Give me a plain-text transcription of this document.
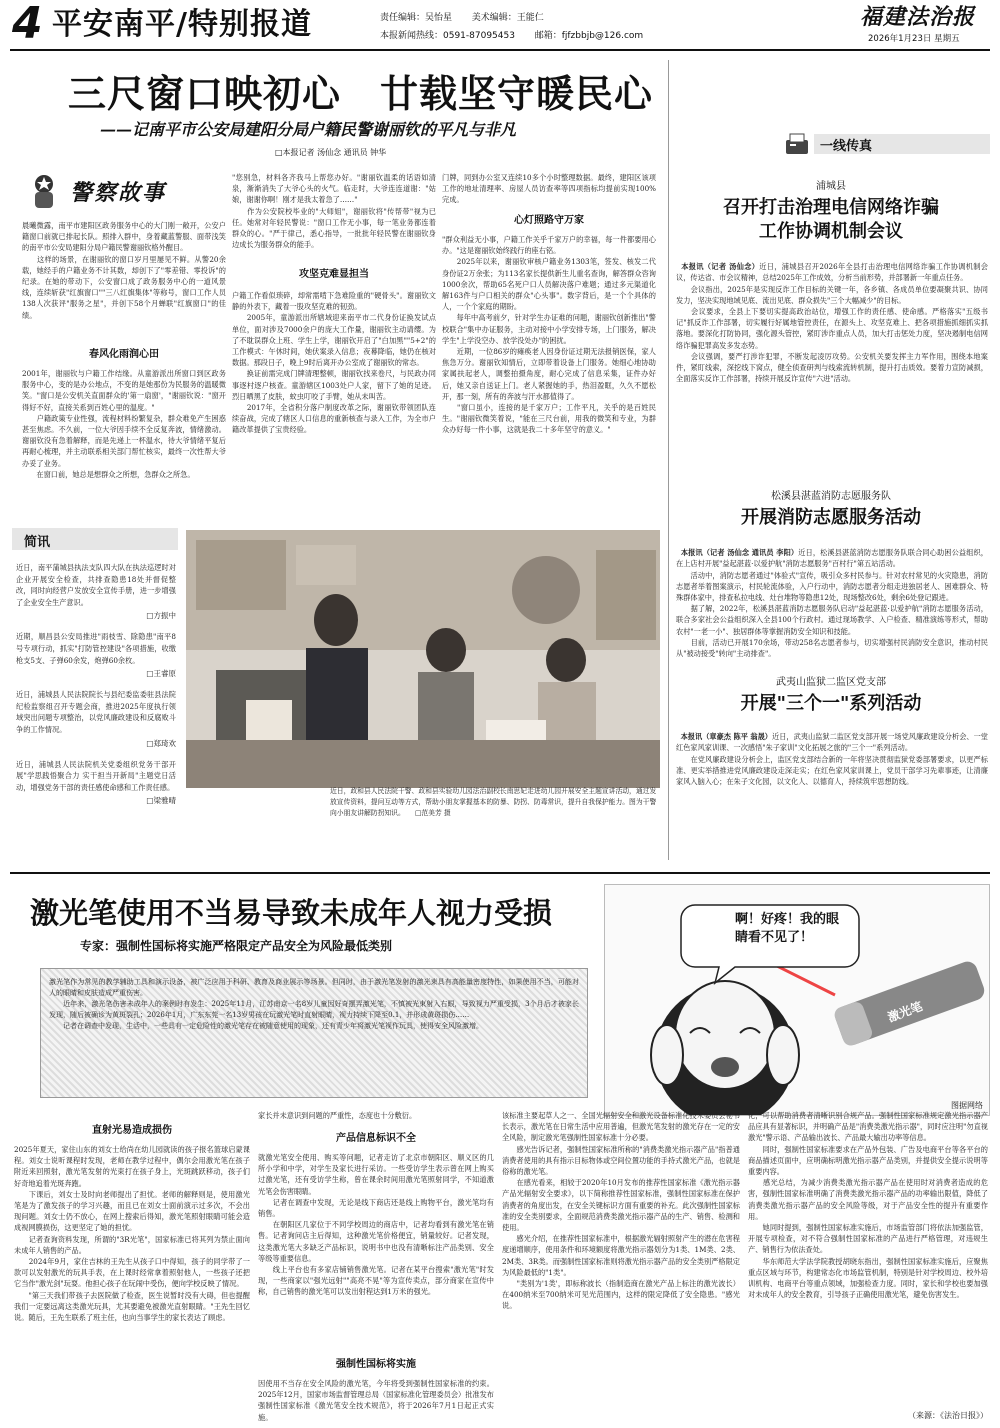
4 平安南平/特别报道	责任编辑：吴怡星 美术编辑：王能仁
本报新闻热线：0591-87095453 邮箱：fjfzbbjb@126.com
福建法治报
2026年1月23日 星期五
三尺窗口映初心　廿载坚守暖民心
——记南平市公安局建阳分局户籍民警谢丽钦的平凡与非凡
□本报记者 汤仙念 通讯员 钟华
警察故事
晨曦微露，南平市建阳区政务服务中心的大门刚一敞开，公安户籍窗口前就已排起长队。照排入群中，身着藏蓝警服、面带浅笑的南平市公安局建阳分局户籍民警谢丽钦格外醒目。
　　这样的场景，在谢丽钦的窗口岁月里屡见不鲜。从警20余载，她经手的户籍业务不计其数，却创下了"零差错、零投诉"的纪录。在她的带动下，公安窗口成了政务服务中心的一道风景线，连续斩获"红旗窗口""三八红旗集体"等称号，窗口工作人员138人次获评"服务之星"，并创下58个月蝉联"红旗窗口"的佳绩。
春风化雨润心田
2001年，谢丽钦与户籍工作结缘。从童游派出所窗口到区政务服务中心，变的是办公地点，不变的是她那份为民服务的温暖微笑。"窗口是公安机关直面群众的'第一扇窗'，"谢丽钦说："窗开得好不好，直接关系到百姓心里的温度。"
　　户籍政策专业性强，流程材料纷繁复杂，群众难免产生困惑甚至焦虑。不久前，一位大爷因手续不全反复奔波，情绪激动。谢丽钦没有急着解释，而是先递上一杯温水，待大爷情绪平复后再耐心梳理，并主动联系相关部门帮忙核实，最终一次性帮大爷办妥了业务。
　　在窗口前，她总是想群众之所想，急群众之所急。
"您别急，材料各齐我马上帮您办好。"谢丽钦温柔的话语如清泉，渐渐消失了大爷心头的火气。临走时，大爷连连道谢："姑娘，谢谢你啊！刚才是我太着急了……"
　　作为公安院校毕业的"大师姐"，谢丽钦将"传帮带"视为已任。她常对年轻民警说："窗口工作无小事，每一笔业务都连着群众的心。"严于律己，悉心指导，一批批年轻民警在谢丽钦身边成长为服务群众的能手。
攻坚克难显担当
户籍工作看似琐碎，却常需啃下急难险重的"硬骨头"。谢丽钦文静的外表下，藏着一股攻坚克难的韧劲。
　　2005年，童游派出所辖域迎来南平市二代身份证换发试点单位，面对涉及7000余户的庞大工作量，谢丽钦主动请缨。为了不耽误群众上班、学生上学，谢丽钦开启了"白加黑""5+2"的工作模式：午休时间，她伏案录入信息；夜幕降临，她仍在核对数据。那段日子，晚上9时后离开办公室成了谢丽钦的常态。
　　换证前需完成门牌清理整顿，谢丽钦找来卷尺，与民政办同事逐村逐户核查。童游辖区1003处户人家，留下了她的足迹。烈日晒黑了皮肤，蚊虫叮咬了手臂，她从未叫苦。
　　2017年，全省积分落户制度改革之际，谢丽钦带领团队连续奋战，完成了辖区人口信息的重新核查与录入工作，为全市户籍改革提供了宝贵经验。
门牌，同到办公室又连续10多个小时整理数据。最终，建阳区该项工作的地址清理率、房屋人员访查率等四项指标均提前实现100%完成。
心灯照路守万家
"群众利益无小事，户籍工作关乎千家万户的幸福，每一件都要用心办。"这是谢丽钦始终践行的座右铭。
　　2025年以来，谢丽钦审核户籍业务1303笔，签发、核发二代身份证2万余张；为113名家长提供新生儿重名查询，解答群众咨询1000余次，帮助65名死户口人员解决落户难题；通过多元渠道化解163件与户口相关的群众"心头事"。数字背后，是一个个具体的人，一个个家庭的期盼。
　　每年中高考前夕，针对学生办证难的问题，谢丽钦创新推出"警校联合"集中办证服务，主动对接中小学安排专场，上门服务，解决学生"上学没空办、放学没处办"的困扰。
　　近期，一位86岁的瘫痪老人因身份证过期无法报销医保，家人焦急万分。谢丽钦知情后，立即带着设备上门服务。她细心地协助家属扶起老人，调整拍摄角度，耐心完成了信息采集，证件办好后，她又亲自送证上门。老人紧握她的手，热泪盈眶，久久不愿松开，那一刻，所有的奔波与汗水都值得了。
　　"窗口虽小，连接的是千家万户；工作平凡，关乎的是百姓民生。"谢丽钦微笑着说，"能在三尺台前，用我的微笑和专业，为群众办好每一件小事，这就是我二十多年坚守的意义。"
简讯
近日，南平蒲城县执法支队四大队在执法巡逻时对企业开展安全检查，共排查隐患18处并督促整改，同时向经营户发放安全宣传手册，进一步增强了企业安全生产意识。
□方振中
近期，顺昌县公安局推进"雨枝雪、除隐患"南平8号专项行动，抓实"打防管控建设"各项措施，收缴枪支5支、子弹60余发，炮弹60余枚。
□王睿原
近日，浦城县人民法院院长与县纪委监委驻县法院纪检监察组召开专题会商，推进2025年度执行领域突出问题专项整治，以党风廉政建设和反腐败斗争的工作情况。
□郑琦欢
近日，浦城县人民法院机关党委组织党务干部开展"学思践悟聚合力 实干担当开新局"主题党日活动，增强党务干部的责任感使命感和工作责任感。
□梁雅晴
近日，政和县人民法院干警、政和县实验幼儿园法治副校长南思妃走进幼儿园开展安全主题宣讲活动，通过发放宣传资料，提问互动等方式，帮助小朋友掌握基本的防暴、防拐、防毒常识，提升自我保护能力。图为干警向小朋友讲解防拐知识。 □范美芳 摄
一线传真
浦城县
召开打击治理电信网络诈骗
工作协调机制会议

本报讯（记者 汤仙念）近日，浦城县召开2026年全县打击治理电信网络诈骗工作协调机制会议，传达省、市会议精神，总结2025年工作成效，分析当前形势，并部署新一年重点任务。
　　会议指出，2025年是实现反诈工作目标的关键一年，各乡镇、各成员单位要凝聚共识、协同发力，坚决实现地域见底、流出见底、群众损失"三个大幅减少"的目标。
　　会议要求，全县上下要切实提高政治站位，增强工作的责任感、使命感。严格落实"五级书记"抓反诈工作部署，切实履行好属地管控责任，在源头上、攻坚克难上、把各项措施抓细抓实抓落地。要深化打防协同，强化源头管控，紧盯涉诈重点人员，加大打击惩处力度，坚决遏制电信网络诈骗犯罪高发多发态势。
　　会议强调，要严打涉诈犯罪，不断发起凌厉攻势。公安机关要发挥主力军作用，围绕本地案件，紧盯线索，深挖线下窝点，健全侦查研判与线索流转机制，提升打击质效。要着力宣防减损，全面落实反诈工作部署，持续开展反诈宣传"六进"活动。

松溪县湛蓝消防志愿服务队
开展消防志愿服务活动

本报讯（记者 汤仙念 通讯员 李阳）近日，松溪县湛蓝消防志愿服务队联合同心助困公益组织，在上店村开展"益起湛蓝·以爱护航"消防志愿服务"百村行"第五站活动。
　　活动中，消防志愿者通过"体验式"宣传，吸引众多村民参与。针对农村常见的火灾隐患，消防志愿者举着图案演示，村民轮流体验，入户行动中，消防志愿者分组走进独居老人、困难群众、特殊群体家中，排查私拉电线、灶台堆物等隐患12处，现场整改6处，剩余6处登记跟进。
　　据了解，2022年，松溪县湛蓝消防志愿服务队启动"益起湛蓝·以爱护航"消防志愿服务活动，联合多家社会公益组织深入全县100个行政村。通过现场教学、入户检查、精准演练等形式，帮助农村"一老一小"、独居群体等掌握消防安全知识和技能。
　　目前，活动已开展170余场，带动258名志愿者参与，切实增强村民消防安全意识，推动村民从"被动接受"转向"主动排查"。

武夷山监狱二监区党支部
开展"三个一"系列活动

本报讯（章豪杰 陈平 翁晟）近日，武夷山监狱二监区党支部开展一场党风廉政建设分析会、一堂红色家风家训课、一次感悟"朱子家训"文化拓展之旅的"三个一"系列活动。
　　在党风廉政建设分析会上，监区党支部结合新的一年将坚决贯彻监狱党委部署要求，以更严标准、更实举措推进党风廉政建设走深走实；在红色家风家训课上，党员干部学习先辈事迹，让清廉家风入脑入心；在朱子文化园，以文化人、以德育人，持续筑牢思想防线。

激光笔使用不当易导致未成年人视力受损
专家：强制性国标将实施严格限定产品安全为风险最低类别
激光笔作为常见的教学辅助工具和演示设备，被广泛应用于科研、教育及商业展示等场景。但同时，由于激光笔发射的激光束具有高能量密度特性，如果使用不当，可能对人的眼睛和皮肤造成严重伤害。
　　近年来，激光笔伤害未成年人的案例时有发生：2025年11月，江苏南京一名8岁儿童因好奇摆弄激光笔，不慎被光束射入右眼，导致视力严重受损，3个月后才被家长发现，随后被确诊为黄斑裂孔；2026年1月，广东东莞一名13岁男孩在玩激光笔时直射眼睛，视力持续下降至0.1，并形成黄斑损伤……
　　记者在调查中发现，生活中，一些具有一定危险性的激光笔存在被随意使用的现象，还有青少年将激光笔视作玩具，使得安全风险激增。
啊！好疼！我的眼睛看不见了！
激光笔
图据网络
直射光易造成损伤
2025年夏天，家住山东的刘女士给尚在幼儿园就读的孩子报名篮球启蒙课程。刘女士说听课程时发现，老师在教学过程中，偶尔会用激光笔在孩子附近来回照射，激光笔发射的光束打在孩子身上，光斑跳跃移动，孩子们好奇地追着光斑奔跑。
　　下课后，刘女士及时向老师提出了担忧。老师的解释则是，使用激光笔是为了激发孩子的学习兴趣，而且已在刘女士面前演示过多次，不会出现问题。刘女士仍不放心，在网上搜索后得知，激光笔照射眼睛可能会造成视网膜损伤，这更坚定了她的担忧。
　　记者查询资料发现，所谓的"3R光笔"，国家标准已将其列为禁止面向未成年人销售的产品。
　　2024年9月，家住吉林的王先生从孩子口中得知，孩子的同学带了一款可以发射激光的玩具手表，在上课时经常拿着照射他人，一些孩子还把它当作"激光剑"玩耍。他担心孩子在玩闹中受伤，便向学校反映了情况。
　　"第三天我们带孩子去医院做了检查，医生说暂时没有大碍，但也提醒我们一定要远离这类激光玩具，尤其要避免被激光直射眼睛。"王先生回忆说。随后，王先生联系了班主任，也向当事学生的家长表达了顾虑。
家长并未意识到问题的严重性，态度也十分敷衍。
产品信息标识不全
就激光笔安全使用、购买等问题，记者走访了北京市朝阳区、顺义区的几所小学和中学，对学生及家长进行采访。一些受访学生表示曾在网上购买过激光笔，还有受访学生称，曾在课余时间用激光笔照射同学，不知道激光笔会伤害眼睛。
　　记者在调查中发现，无论是线下商店还是线上购物平台，激光笔均有销售。
　　在朝阳区几家位于不同学校周边的商店中，记者均看到有激光笔在销售。记者询问店主后得知，这种激光笔价格便宜，销量较好。记者发现，这类激光笔大多缺乏产品标识，说明书中也没有清晰标注产品类别、安全等级等重要信息。
　　线上平台也有多家店铺销售激光笔。记者在某平台搜索"激光笔"时发现，一些商家以"强光远射""高亮不晃"等为宣传卖点，部分商家在宣传中称，自己销售的激光笔可以发出射程达到1万米的强光。
强制性国标将实施
因使用不当存在安全风险的激光笔，今年将受到强制性国家标准的约束。2025年12月，国家市场监督管理总局（国家标准化管理委员会）批准发布强制性国家标准《激光笔安全技术规范》，将于2026年7月1日起正式实施。
该标准主要起草人之一、全国光辐射安全和激光设备标准化技术委员会秘书长表示，激光笔在日常生活中应用普遍，但激光笔发射的激光存在一定的安全风险，制定激光笔强制性国家标准十分必要。
　　感光告诉记者，强制性国家标准所称的"消费类激光指示器产品"指普通消费者使用的具有指示目标物体或空间位置功能的手持式激光产品，也就是俗称的激光笔。
　　在感光看来，相较于2020年10月发布的推荐性国家标准《激光指示器产品光辐射安全要求》，以下简称推荐性国家标准，强制性国家标准在保护消费者的角度出发，在安全关键标识方面有重要的补充。此次强制性国家标准的安全类别要求，全面规范消费类激光指示器产品的生产、销售、检测和使用。
　　感光介绍，在推荐性国家标准中，根据激光辐射照射产生的潜在危害程度递增顺序，使用条件和环境额度将激光指示器划分为1类、1M类、2类、2M类、3R类。而强制性国家标准则将激光指示器产品的安全类别严格限定为风险最低的"1类"。
　　"类别为'1类'，即标称波长（指制造商在激光产品上标注的激光波长）在400纳米至700纳米可见光范围内，这样的限定降低了安全隐患。"感光说。
化，可以帮助消费者清晰识别合规产品。强制性国家标准规定激光指示器产品应具有显著标识，并明确产品是"消费类激光指示器"，同时应注明"勿直视激光"警示语、产品输出波长、产品最大输出功率等信息。
　　同时，强制性国家标准要求在产品外包装、广告及电商平台等各平台的商品描述页面中，应明确标明激光指示器产品类别，并提供安全提示说明等重要内容。
　　感光总结，为减少消费类激光指示器产品在使用时对消费者造成的危害，强制性国家标准明确了消费类激光指示器产品的功率输出限值，降低了消费类激光指示器产品的安全风险等级，对于产品安全性的提升有重要作用。
　　她同时提到，强制性国家标准实施后，市场监管部门将依法加强监管，开展专项检查，对不符合强制性国家标准的产品进行严格管理，对违规生产、销售行为依法查处。
　　华东师范大学法学院教授胡晓东指出，强制性国家标准实施后，应聚焦重点区域与环节，构建常态化市场监管机制，特别是针对学校周边、校外培训机构、电商平台等重点领域，加强检查力度。同时，家长和学校也要加强对未成年人的安全教育，引导孩子正确使用激光笔，避免伤害发生。
（来源：《法治日报》）
